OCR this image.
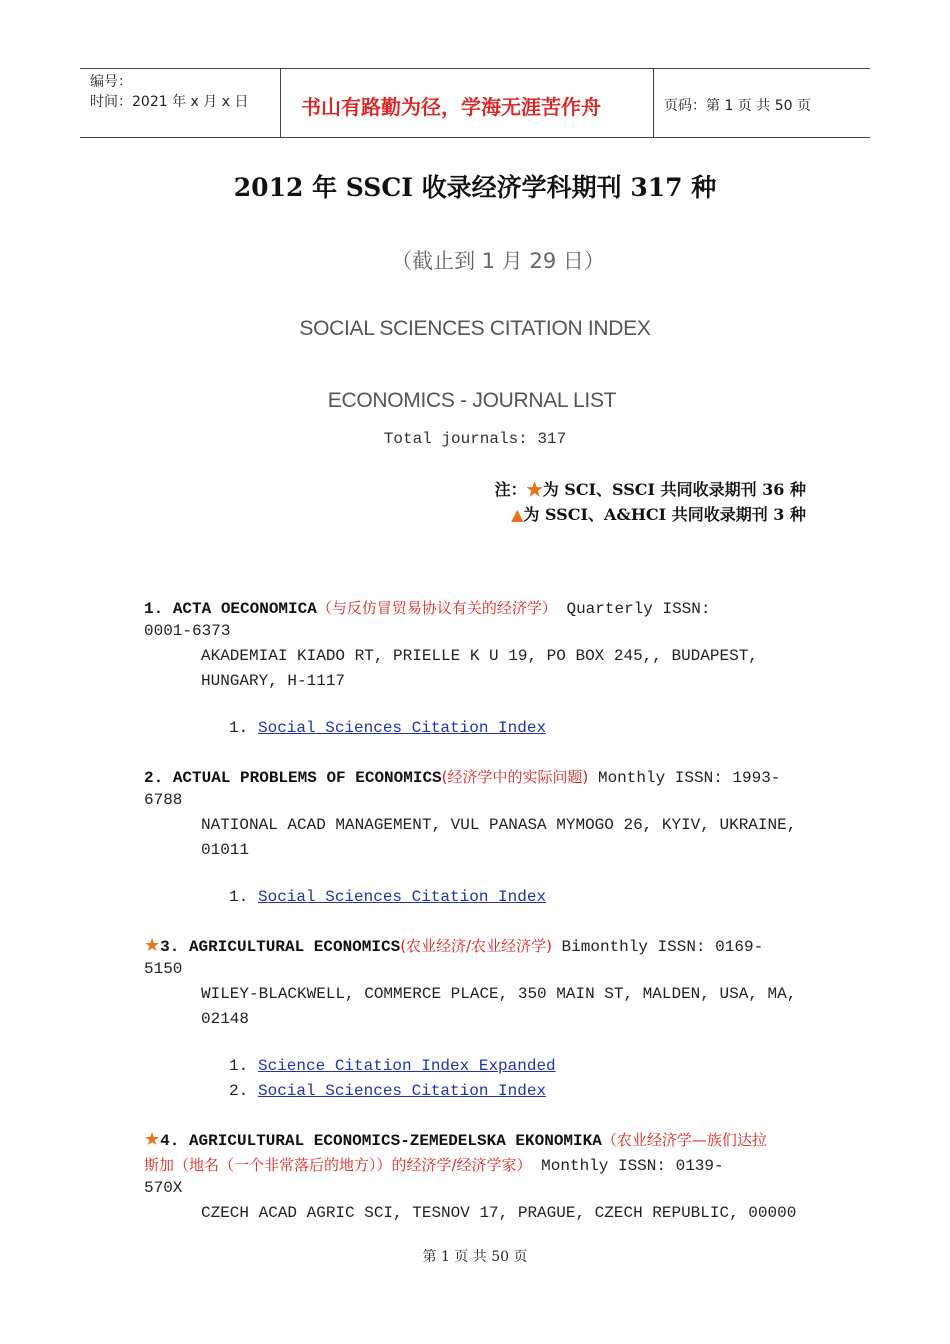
编号：
时间：2021 年 x 月 x 日	书山有路勤为径，学海无涯苦作舟	页码：第 1 页 共 50 页
2012 年 SSCI 收录经济学科期刊 317 种
（截止到 1 月 29 日）
SOCIAL SCIENCES CITATION INDEX
ECONOMICS - JOURNAL LIST
Total journals: 317
注：★为 SCI、SSCI 共同收录期刊 36 种
▲为 SSCI、A&HCI 共同收录期刊 3 种
1. ACTA OECONOMICA（与反仿冒贸易协议有关的经济学） Quarterly ISSN:
0001-6373
AKADEMIAI KIADO RT, PRIELLE K U 19, PO BOX 245,, BUDAPEST,
HUNGARY, H-1117
1. Social Sciences Citation Index
2. ACTUAL PROBLEMS OF ECONOMICS(经济学中的实际问题) Monthly ISSN: 1993-
6788
NATIONAL ACAD MANAGEMENT, VUL PANASA MYMOGO 26, KYIV, UKRAINE,
01011
1. Social Sciences Citation Index
★3. AGRICULTURAL ECONOMICS(农业经济/农业经济学) Bimonthly ISSN: 0169-
5150
WILEY-BLACKWELL, COMMERCE PLACE, 350 MAIN ST, MALDEN, USA, MA,
02148
1. Science Citation Index Expanded
2. Social Sciences Citation Index
★4. AGRICULTURAL ECONOMICS-ZEMEDELSKA EKONOMIKA（农业经济学—族们达拉
斯加（地名（一个非常落后的地方））的经济学/经济学家） Monthly ISSN: 0139-
570X
CZECH ACAD AGRIC SCI, TESNOV 17, PRAGUE, CZECH REPUBLIC, 00000
第 1 页 共 50 页
